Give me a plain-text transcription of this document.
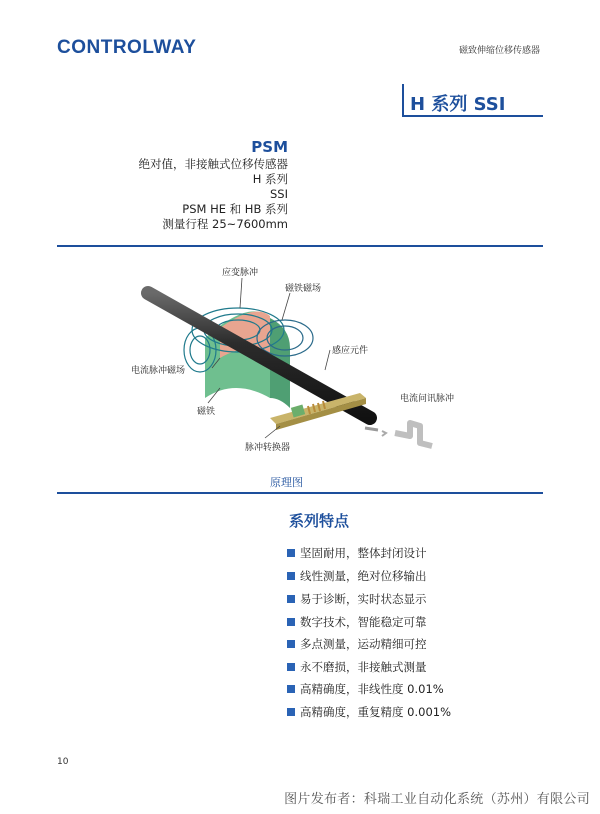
CONTROLWAY	磁致伸缩位移传感器
H 系列 SSI
PSM
绝对值，非接触式位移传感器
H 系列
SSI
PSM HE 和 HB 系列
测量行程 25~7600mm
应变脉冲
磁铁磁场
感应元件
电流脉冲磁场
磁铁
电流问讯脉冲
脉冲转换器
原理图
系列特点
坚固耐用，整体封闭设计
线性测量，绝对位移输出
易于诊断，实时状态显示
数字技术，智能稳定可靠
多点测量，运动精细可控
永不磨损，非接触式测量
高精确度，非线性度 0.01%
高精确度，重复精度 0.001%
10
图片发布者：科瑞工业自动化系统（苏州）有限公司
